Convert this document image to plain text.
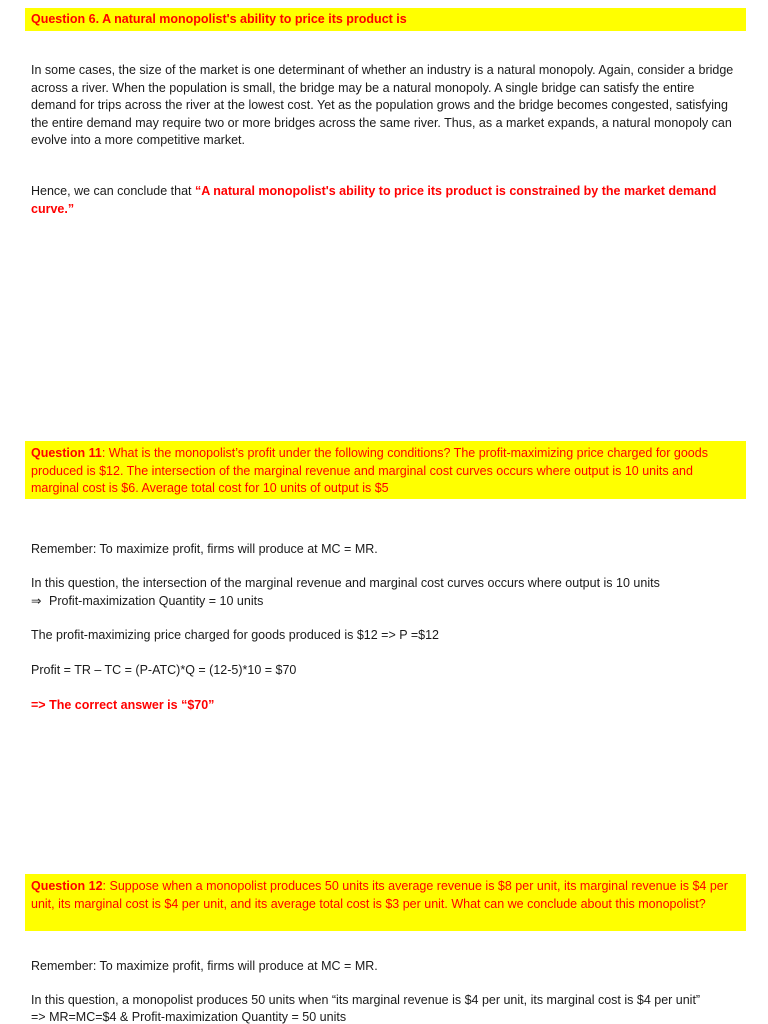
Question 6. A natural monopolist's ability to price its product is

In some cases, the size of the market is one determinant of whether an industry is a natural monopoly. Again, consider a bridge across a river. When the population is small, the bridge may be a natural monopoly. A single bridge can satisfy the entire demand for trips across the river at the lowest cost. Yet as the population grows and the bridge becomes congested, satisfying the entire demand may require two or more bridges across the same river. Thus, as a market expands, a natural monopoly can evolve into a more competitive market.

Hence, we can conclude that “A natural monopolist's ability to price its product is constrained by the market demand curve.”

Question 11: What is the monopolist’s profit under the following conditions? The profit-maximizing price charged for goods produced is $12. The intersection of the marginal revenue and marginal cost curves occurs where output is 10 units and marginal cost is $6. Average total cost for 10 units of output is $5

Remember: To maximize profit, firms will produce at MC = MR.

In this question, the intersection of the marginal revenue and marginal cost curves occurs where output is 10 units

⇒ Profit-maximization Quantity = 10 units

The profit-maximizing price charged for goods produced is $12 => P =$12

Profit = TR – TC = (P-ATC)*Q = (12-5)*10 = $70

=> The correct answer is “$70”

Question 12: Suppose when a monopolist produces 50 units its average revenue is $8 per unit, its marginal revenue is $4 per unit, its marginal cost is $4 per unit, and its average total cost is $3 per unit. What can we conclude about this monopolist?

Remember: To maximize profit, firms will produce at MC = MR.

In this question, a monopolist produces 50 units when “its marginal revenue is $4 per unit, its marginal cost is $4 per unit”

=> MR=MC=$4 & Profit-maximization Quantity = 50 units
